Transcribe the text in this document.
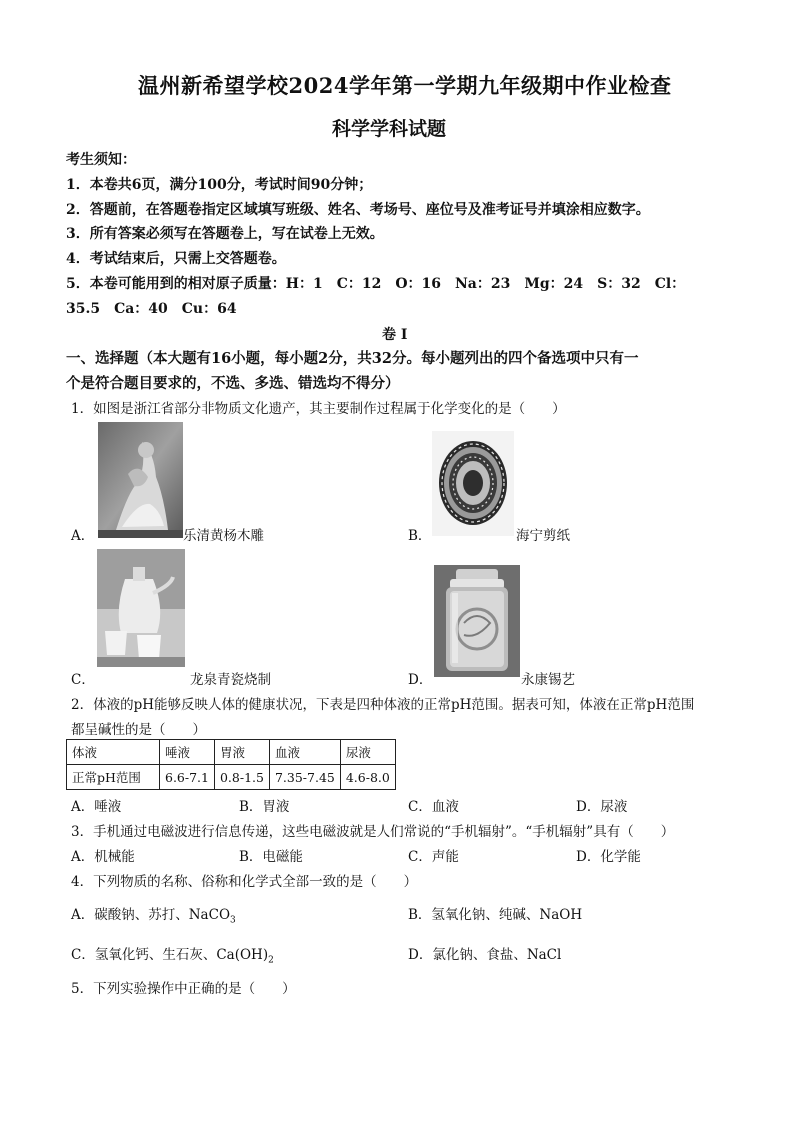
温州新希望学校2024学年第一学期九年级期中作业检查
科学学科试题
考生须知：
1．本卷共6页，满分100分，考试时间90分钟；
2．答题前，在答题卷指定区域填写班级、姓名、考场号、座位号及准考证号并填涂相应数字。
3．所有答案必须写在答题卷上，写在试卷上无效。
4．考试结束后，只需上交答题卷。
5．本卷可能用到的相对原子质量：H：1　C：12　O：16　Na：23　Mg：24　S：32　Cl：
35.5　Ca：40　Cu：64
卷 I
一、选择题（本大题有16小题，每小题2分，共32分。每小题列出的四个备选项中只有一
个是符合题目要求的，不选、多选、错选均不得分）
1．如图是浙江省部分非物质文化遗产，其主要制作过程属于化学变化的是（　　）
A．	乐清黄杨木雕	B．	海宁剪纸
C．	龙泉青瓷烧制	D．	永康锡艺
2．体液的pH能够反映人体的健康状况，下表是四种体液的正常pH范围。据表可知，体液在正常pH范围
都呈碱性的是（　　）
体液	唾液	胃液	血液	尿液
正常pH范围	6.6-7.1	0.8-1.5	7.35-7.45	4.6-8.0
A．唾液	B．胃液	C．血液	D．尿液
3．手机通过电磁波进行信息传递，这些电磁波就是人们常说的“手机辐射”。“手机辐射”具有（　　）
A．机械能	B．电磁能	C．声能	D．化学能
4．下列物质的名称、俗称和化学式全部一致的是（　　）
A．碳酸钠、苏打、NaCO$_3$	B．氢氧化钠、纯碱、NaOH
C．氢氧化钙、生石灰、$Ca(OH)_2$	D．氯化钠、食盐、NaCl
5．下列实验操作中正确的是（　　）
